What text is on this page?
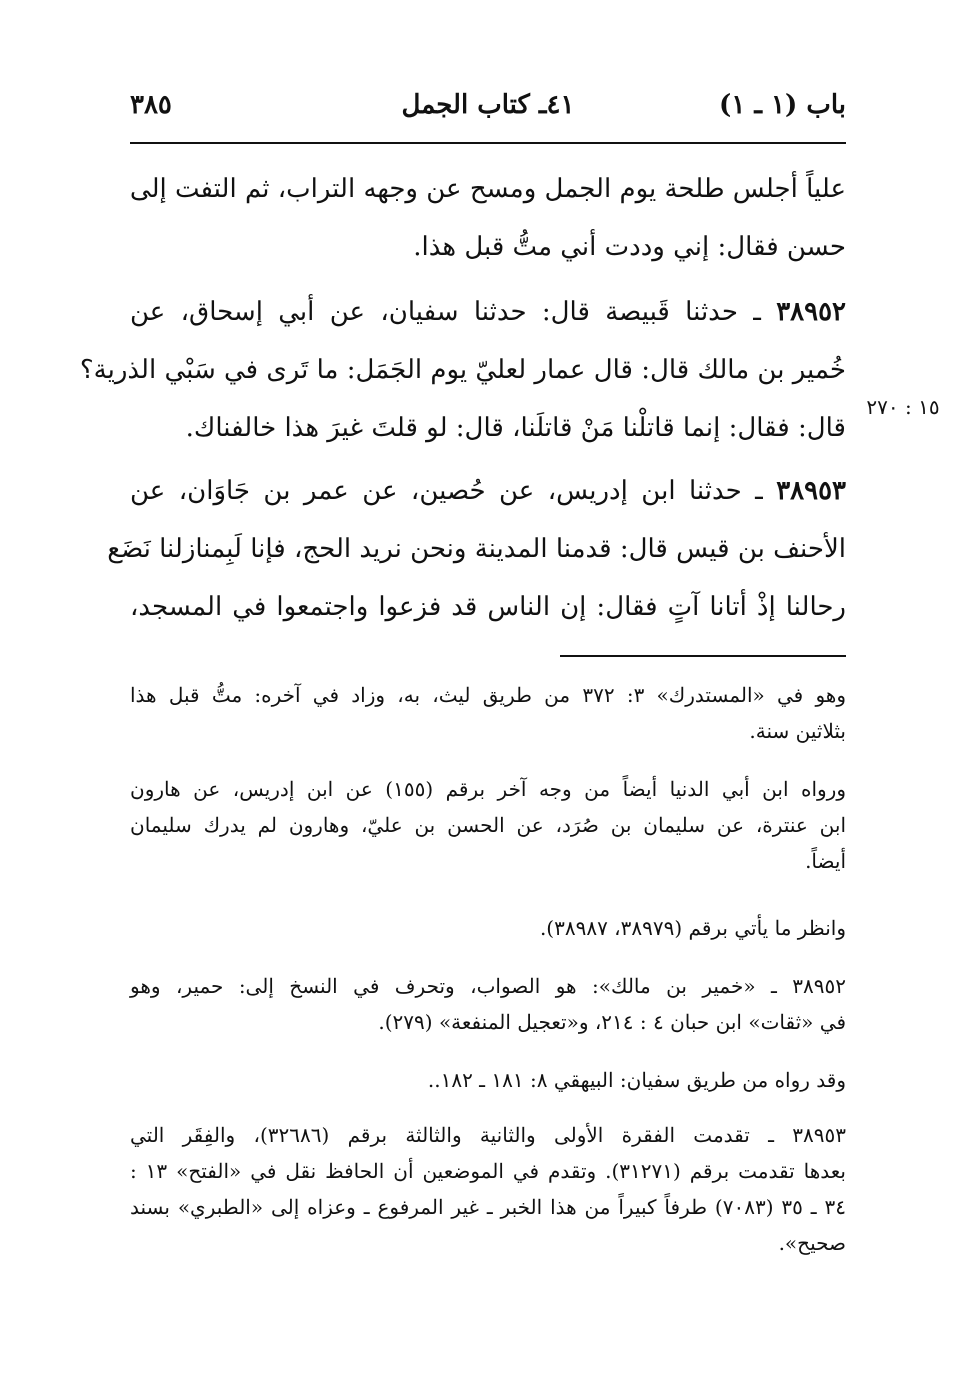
باب (١ ـ ١)
٤١ـ كتاب الجمل
٣٨٥
علياً أجلس طلحة يوم الجمل ومسح عن وجهه التراب، ثم التفت إلى
حسن فقال: إني وددت أني متُّ قبل هذا.
٣٨٩٥٢ ـ حدثنا قَبيصة قال: حدثنا سفيان، عن أبي إسحاق، عن
خُمير بن مالك قال: قال عمار لعليّ يوم الجَمَل: ما تَرى في سَبْي الذرية؟
قال: فقال: إنما قاتلْنا مَنْ قاتلَنا، قال: لو قلتَ غيرَ هذا خالفناك.
١٥ : ٢٧٠
٣٨٩٥٣ ـ حدثنا ابن إدريس، عن حُصين، عن عمر بن جَاوَان، عن
الأحنف بن قيس قال: قدمنا المدينة ونحن نريد الحج، فإنا لَبِمنازلنا نَضَع
رحالنا إذْ أتانا آتٍ فقال: إن الناس قد فزعوا واجتمعوا في المسجد،
وهو في «المستدرك» ٣: ٣٧٢ من طريق ليث، به، وزاد في آخره: متُّ قبل هذا
بثلاثين سنة.
ورواه ابن أبي الدنيا أيضاً من وجه آخر برقم (١٥٥) عن ابن إدريس، عن هارون
ابن عنترة، عن سليمان بن صُرَد، عن الحسن بن عليّ، وهارون لم يدرك سليمان
أيضاً.
وانظر ما يأتي برقم (٣٨٩٧٩، ٣٨٩٨٧).
٣٨٩٥٢ ـ «خمير بن مالك»: هو الصواب، وتحرف في النسخ إلى: حمير، وهو
في «ثقات» ابن حبان ٤ : ٢١٤، و«تعجيل المنفعة» (٢٧٩).
وقد رواه من طريق سفيان: البيهقي ٨: ١٨١ ـ ١٨٢..
٣٨٩٥٣ ـ تقدمت الفقرة الأولى والثانية والثالثة برقم (٣٢٦٨٦)، والفِقَر التي
بعدها تقدمت برقم (٣١٢٧١). وتقدم في الموضعين أن الحافظ نقل في «الفتح» ١٣ :
٣٤ ـ ٣٥ (٧٠٨٣) طرفاً كبيراً من هذا الخبر ـ غير المرفوع ـ وعزاه إلى «الطبري» بسند
صحيح».
